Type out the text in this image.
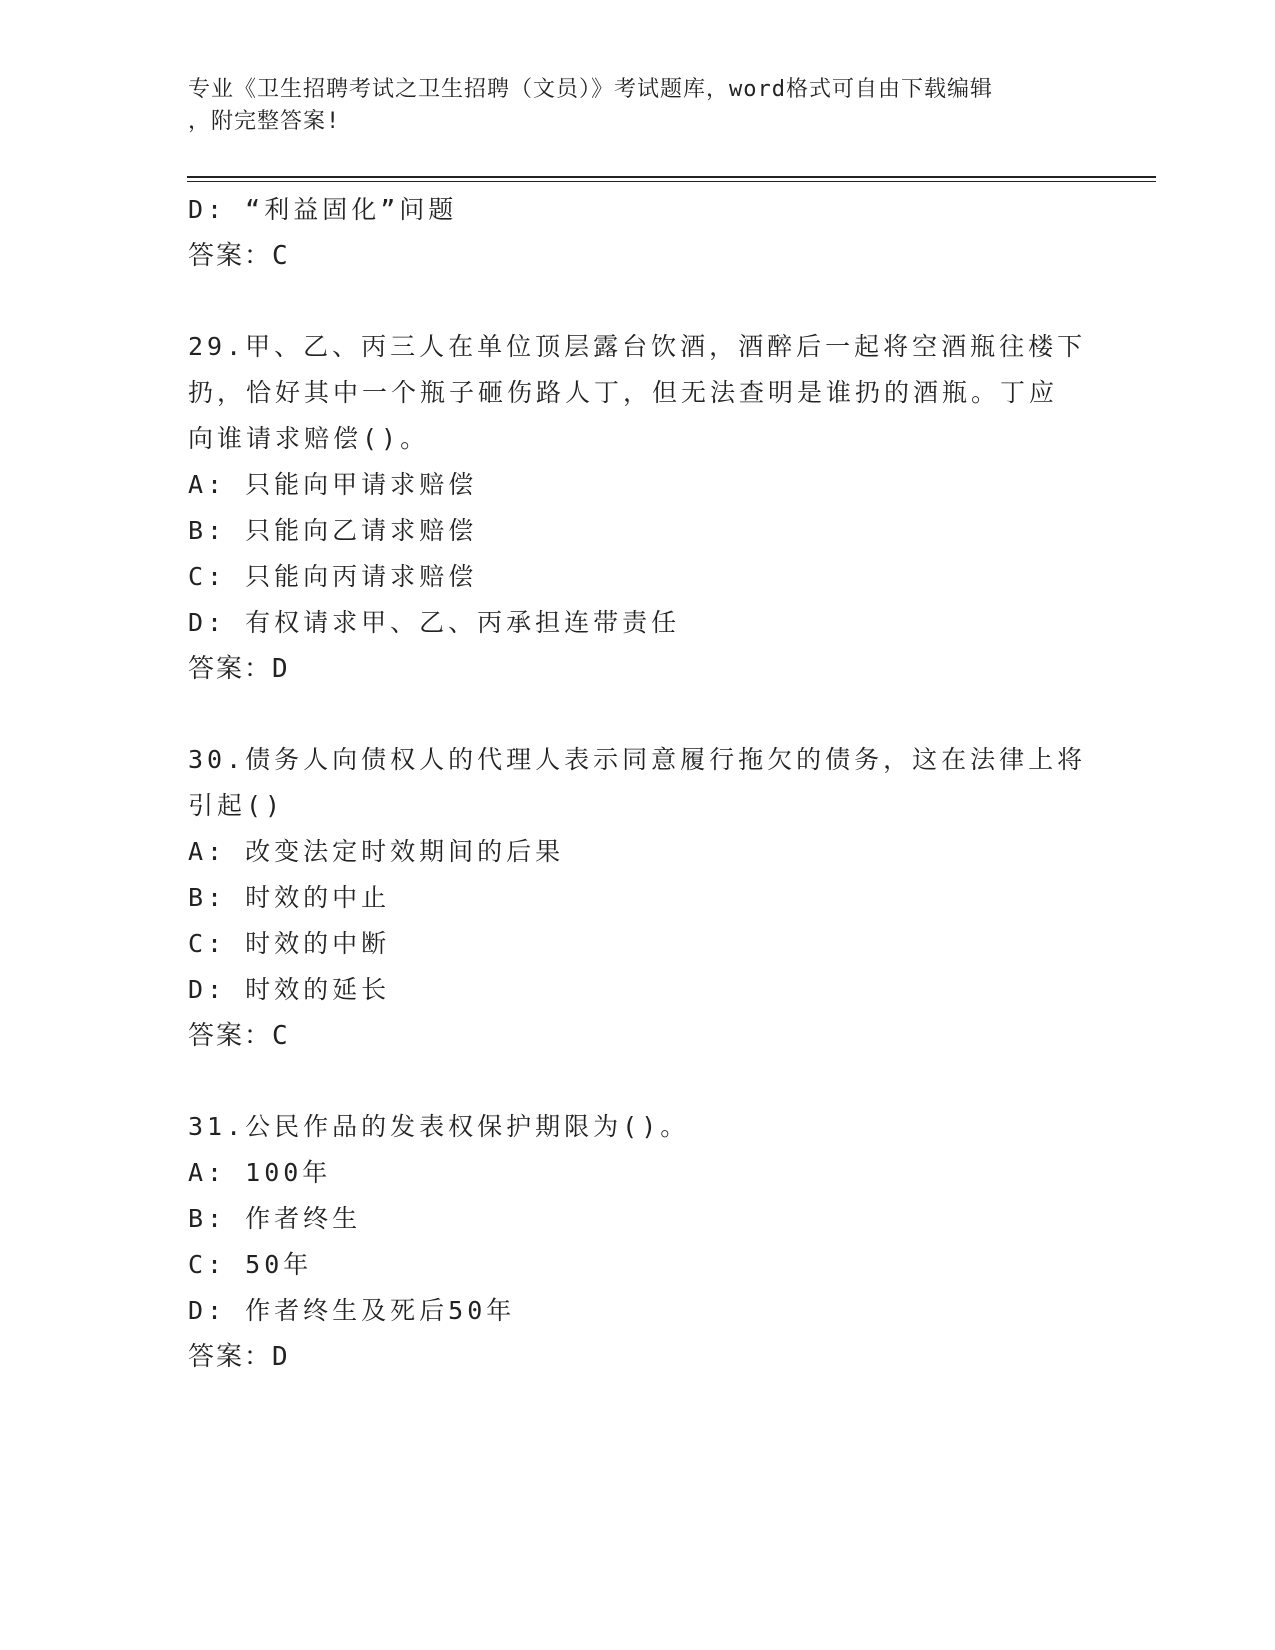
专业《卫生招聘考试之卫生招聘（文员）》考试题库，word格式可自由下载编辑
，附完整答案!

D: “利益固化”问题

答案：C

29.甲、乙、丙三人在单位顶层露台饮酒，酒醉后一起将空酒瓶往楼下

扔，恰好其中一个瓶子砸伤路人丁，但无法查明是谁扔的酒瓶。丁应

向谁请求赔偿()。

A: 只能向甲请求赔偿

B: 只能向乙请求赔偿

C: 只能向丙请求赔偿

D: 有权请求甲、乙、丙承担连带责任

答案：D

30.债务人向债权人的代理人表示同意履行拖欠的债务，这在法律上将

引起()

A: 改变法定时效期间的后果

B: 时效的中止

C: 时效的中断

D: 时效的延长

答案：C

31.公民作品的发表权保护期限为()。

A: 100年

B: 作者终生

C: 50年

D: 作者终生及死后50年

答案：D
